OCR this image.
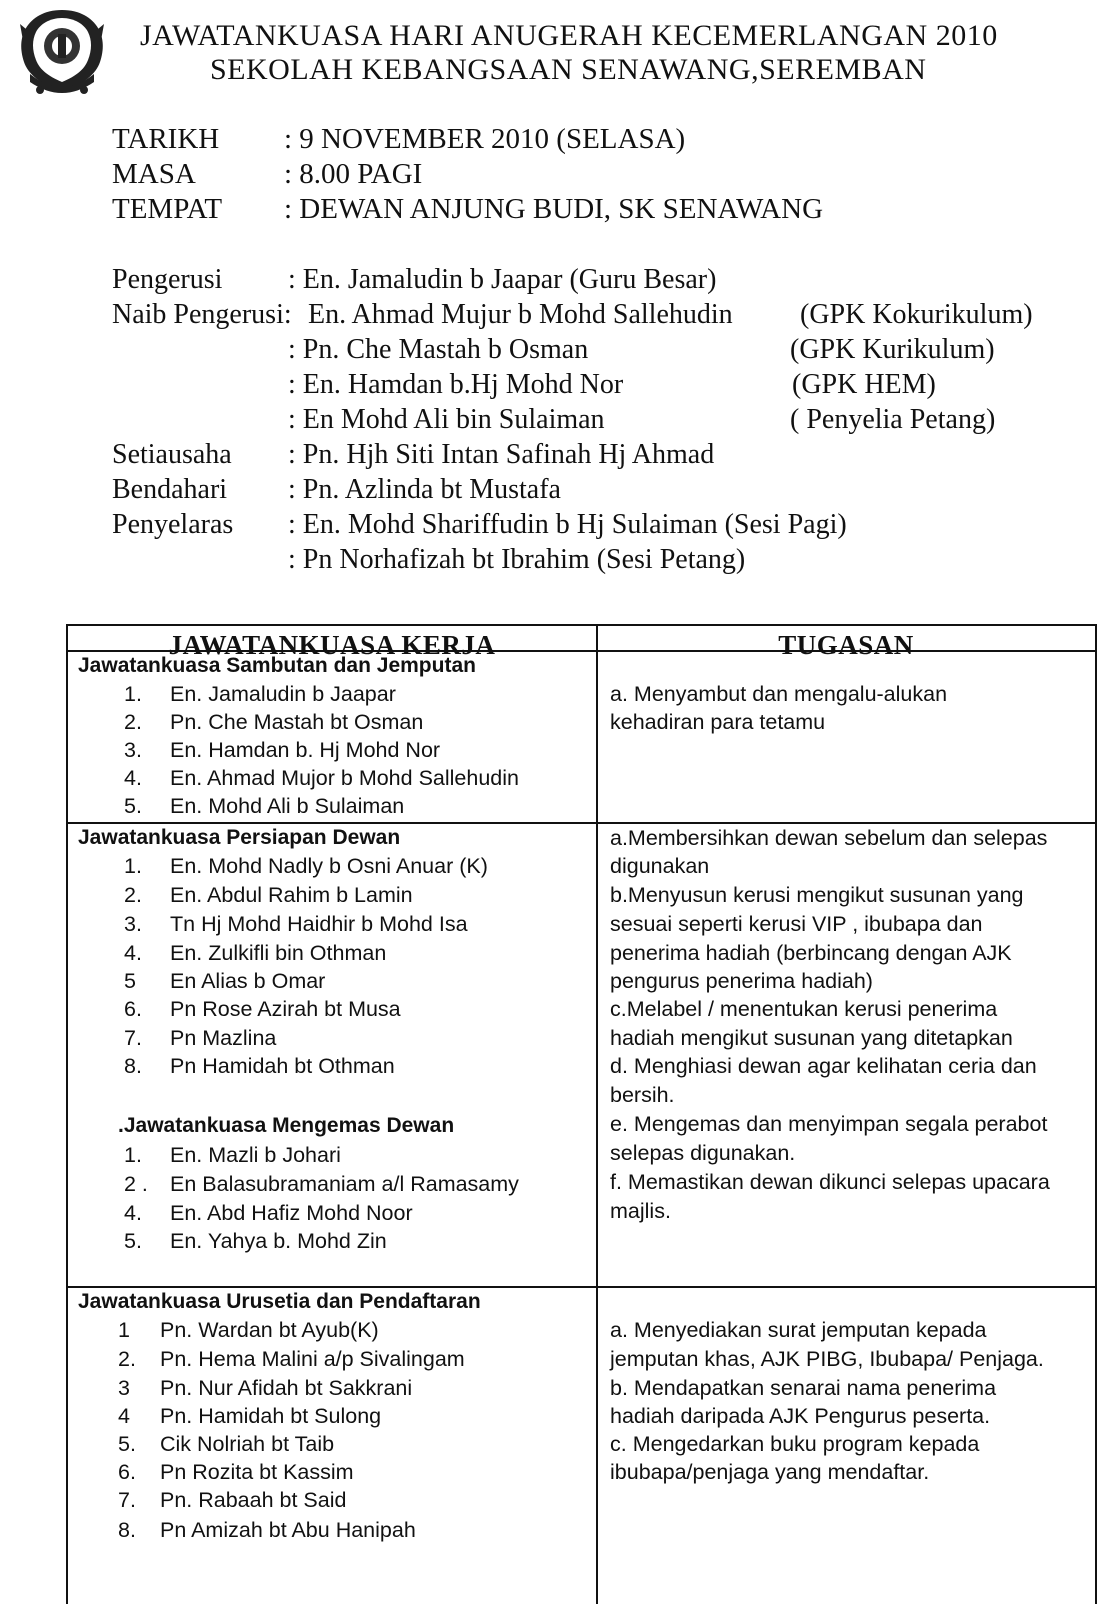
JAWATANKUASA HARI ANUGERAH KECEMERLANGAN 2010
SEKOLAH KEBANGSAAN SENAWANG,SEREMBAN
TARIKH : 9 NOVEMBER 2010 (SELASA)
MASA	: 8.00 PAGI
TEMPAT : DEWAN ANJUNG BUDI, SK SENAWANG
Pengerusi : En. Jamaludin b Jaapar (Guru Besar)
Naib Pengerusi: En. Ahmad Mujur b Mohd Sallehudin (GPK Kokurikulum)
: Pn. Che Mastah b Osman	(GPK Kurikulum)
: En. Hamdan b.Hj Mohd Nor	(GPK HEM)
: En Mohd Ali bin Sulaiman	( Penyelia Petang)
Setiausaha : Pn. Hjh Siti Intan Safinah Hj Ahmad
Bendahari : Pn. Azlinda bt Mustafa
Penyelaras : En. Mohd Shariffudin b Hj Sulaiman (Sesi Pagi)
: Pn Norhafizah bt Ibrahim (Sesi Petang)
JAWATANKUASA KERJA	TUGASAN
Jawatankuasa Sambutan dan Jemputan
1.	En. Jamaludin b Jaapar
2.	Pn. Che Mastah bt Osman
3.	En. Hamdan b. Hj Mohd Nor
4.	En. Ahmad Mujor b Mohd Sallehudin
5.	En. Mohd Ali b Sulaiman
a. Menyambut dan mengalu-alukan
kehadiran para tetamu
Jawatankuasa Persiapan Dewan
1.	En. Mohd Nadly b Osni Anuar (K)
2.	En. Abdul Rahim b Lamin
3.	Tn Hj Mohd Haidhir b Mohd Isa
4.	En. Zulkifli bin Othman
5	En Alias b Omar
6.	Pn Rose Azirah bt Musa
7.	Pn Mazlina
8.	Pn Hamidah bt Othman
.Jawatankuasa Mengemas Dewan
1.	En. Mazli b Johari
2 . En Balasubramaniam a/l Ramasamy
4.	En. Abd Hafiz Mohd Noor
5.	En. Yahya b. Mohd Zin
a.Membersihkan dewan sebelum dan selepas
digunakan
b.Menyusun kerusi mengikut susunan yang
sesuai seperti kerusi VIP , ibubapa dan
penerima hadiah (berbincang dengan AJK
pengurus penerima hadiah)
c.Melabel / menentukan kerusi penerima
hadiah mengikut susunan yang ditetapkan
d. Menghiasi dewan agar kelihatan ceria dan
bersih.
e. Mengemas dan menyimpan segala perabot
selepas digunakan.
f. Memastikan dewan dikunci selepas upacara
majlis.
Jawatankuasa Urusetia dan Pendaftaran
1	Pn. Wardan bt Ayub(K)
2.	Pn. Hema Malini a/p Sivalingam
3	Pn. Nur Afidah bt Sakkrani
4	Pn. Hamidah bt Sulong
5.	Cik Nolriah bt Taib
6.	Pn Rozita bt Kassim
7.	Pn. Rabaah bt Said
8.	Pn Amizah bt Abu Hanipah
a. Menyediakan surat jemputan kepada
jemputan khas, AJK PIBG, Ibubapa/ Penjaga.
b. Mendapatkan senarai nama penerima
hadiah daripada AJK Pengurus peserta.
c. Mengedarkan buku program kepada
ibubapa/penjaga yang mendaftar.
